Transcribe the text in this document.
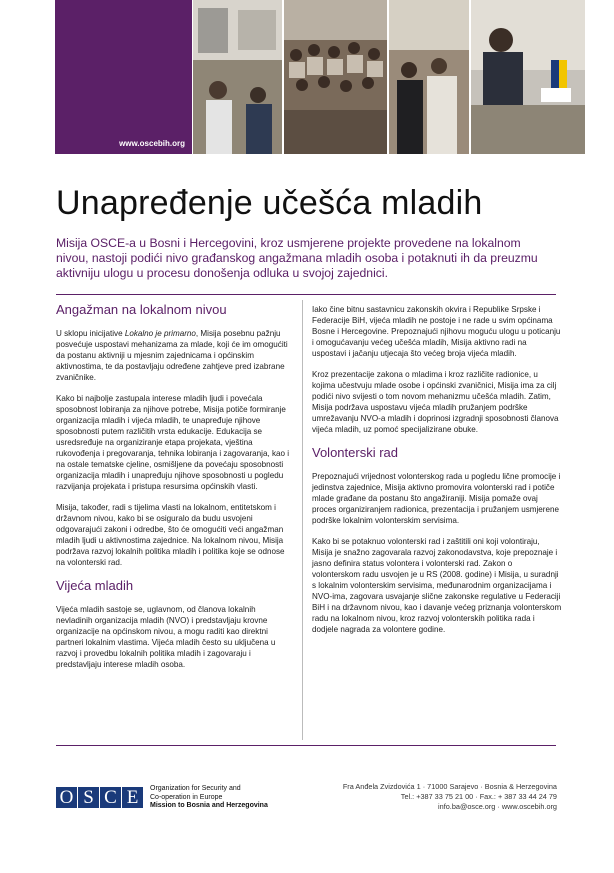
www.oscebih.org
Unapređenje učešća mladih

Misija OSCE-a u Bosni i Hercegovini, kroz usmjerene projekte provedene na lokalnom nivou, nastoji podići nivo građanskog angažmana mladih osoba i potaknuti ih da preuzmu aktivniju ulogu u procesu donošenja odluka u svojoj zajednici.

Angažman na lokalnom nivou

U sklopu inicijative Lokalno je primarno, Misija posebnu pažnju posvećuje uspostavi mehanizama za mlade, koji će im omogućiti da postanu aktivniji u mjesnim zajednicama i općinskim aktivnostima, te da postavljaju određene zahtjeve pred izabrane zvaničnike.

Kako bi najbolje zastupala interese mladih ljudi i povećala sposobnost lobiranja za njihove potrebe, Misija potiče formiranje organizacija mladih i vijeća mladih, te unapređuje njihove sposobnosti putem različitih vrsta edukacije. Edukacija se usredsređuje na organiziranje etapa projekata, vještina rukovođenja i pregovaranja, tehnika lobiranja i zagovaranja, kao i na ostale tematske cjeline, osmišljene da povećaju sposobnosti organizacija mladih i unapređuju njihove sposobnosti u pogledu razvijanja projekata i pristupa resursima općinskih vlasti.

Misija, također, radi s tijelima vlasti na lokalnom, entitetskom i državnom nivou, kako bi se osiguralo da budu usvojeni odgovarajući zakoni i odredbe, što će omogućiti veći angažman mladih ljudi u aktivnostima zajednice. Na lokalnom nivou, Misija podržava razvoj lokalnih politika mladih i politika koje se odnose na volonterski rad.

Vijeća mladih

Vijeća mladih sastoje se, uglavnom, od članova lokalnih nevladinih organizacija mladih (NVO) i predstavljaju krovne organizacije na općinskom nivou, a mogu raditi kao direktni partneri lokalnim vlastima. Vijeća mladih često su uključena u razvoj i provedbu lokalnih politika mladih i zagovaraju i predstavljaju interese mladih osoba.

Iako čine bitnu sastavnicu zakonskih okvira i Republike Srpske i Federacije BiH, vijeća mladih ne postoje i ne rade u svim općinama Bosne i Hercegovine. Prepoznajući njihovu moguću ulogu u poticanju i omogućavanju većeg učešća mladih, Misija aktivno radi na uspostavi i jačanju utjecaja što većeg broja vijeća mladih.

Kroz prezentacije zakona o mladima i kroz različite radionice, u kojima učestvuju mlade osobe i općinski zvaničnici, Misija ima za cilj podići nivo svijesti o tom novom mehanizmu učešća mladih. Zatim, Misija podržava uspostavu vijeća mladih pružanjem podrške umrežavanju NVO-a mladih i doprinosi izgradnji sposobnosti članova vijeća mladih, uz pomoć specijalizirane obuke.

Volonterski rad

Prepoznajući vrijednost volonterskog rada u pogledu lične promocije i jedinstva zajednice, Misija aktivno promovira volonterski rad i potiče mlade građane da postanu što angažiraniji. Misija pomaže ovaj proces organiziranjem radionica, prezentacija i pružanjem usmjerene podrške lokalnim volonterskim servisima.

Kako bi se potaknuo volonterski rad i zaštitili oni koji volontiraju, Misija je snažno zagovarala razvoj zakonodavstva, koje prepoznaje i jasno definira status volontera i volonterski rad. Zakon o volonterskom radu usvojen je u RS (2008. godine) i Misija, u suradnji s lokalnim volonterskim servisima, međunarodnim organizacijama i NVO-ima, zagovara usvajanje slične zakonske regulative u Federaciji BiH i na državnom nivou, kao i davanje većeg priznanja volonterskom radu na lokalnom nivou, kroz razvoj volonterskih politika rada i dodjele nagrada za volontere godine.

O S C E	Organization for Security and
Co-operation in Europe
Mission to Bosnia and Herzegovina
Fra Anđela Zvizdovića 1 · 71000 Sarajevo · Bosnia & Herzegovina
Tel.: +387 33 75 21 00 · Fax.: + 387 33 44 24 79
info.ba@osce.org · www.oscebih.org
